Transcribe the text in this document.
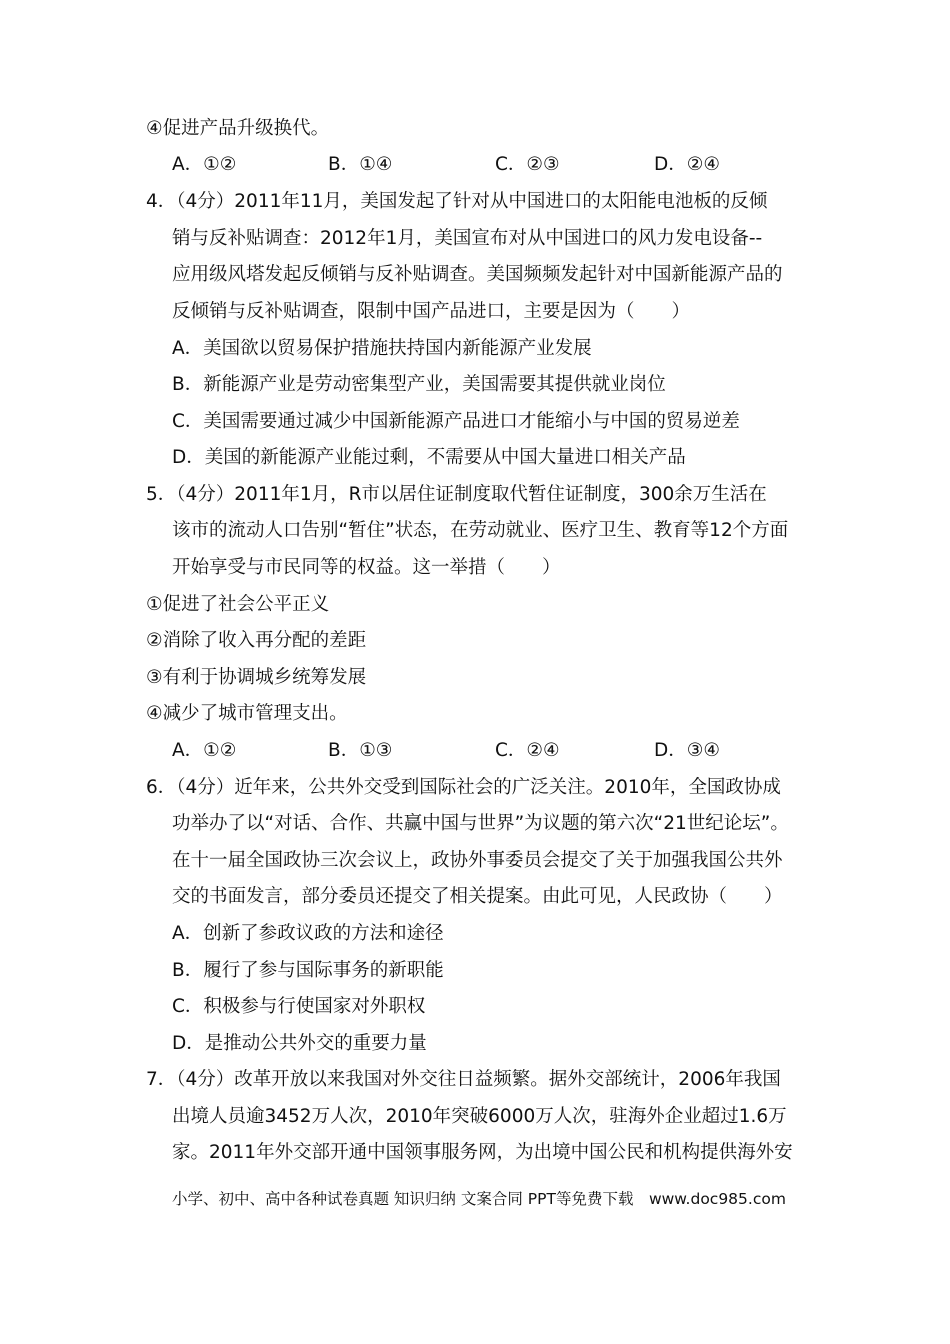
④促进产品升级换代。
A．①②	B．①④	C．②③	D．②④
4．（4分）2011年11月，美国发起了针对从中国进口的太阳能电池板的反倾
销与反补贴调查：2012年1月，美国宣布对从中国进口的风力发电设备‐‐
应用级风塔发起反倾销与反补贴调查。美国频频发起针对中国新能源产品的
反倾销与反补贴调查，限制中国产品进口，主要是因为（　　）
A．美国欲以贸易保护措施扶持国内新能源产业发展
B．新能源产业是劳动密集型产业，美国需要其提供就业岗位
C．美国需要通过减少中国新能源产品进口才能缩小与中国的贸易逆差
D．美国的新能源产业能过剩，不需要从中国大量进口相关产品
5．（4分）2011年1月，R市以居住证制度取代暂住证制度，300余万生活在
该市的流动人口告别“暂住”状态，在劳动就业、医疗卫生、教育等12个方面
开始享受与市民同等的权益。这一举措（　　）
①促进了社会公平正义
②消除了收入再分配的差距
③有利于协调城乡统筹发展
④减少了城市管理支出。
A．①②	B．①③	C．②④	D．③④
6．（4分）近年来，公共外交受到国际社会的广泛关注。2010年，全国政协成
功举办了以“对话、合作、共赢中国与世界”为议题的第六次“21世纪论坛”。
在十一届全国政协三次会议上，政协外事委员会提交了关于加强我国公共外
交的书面发言，部分委员还提交了相关提案。由此可见，人民政协（　　）
A．创新了参政议政的方法和途径
B．履行了参与国际事务的新职能
C．积极参与行使国家对外职权
D．是推动公共外交的重要力量
7．（4分）改革开放以来我国对外交往日益频繁。据外交部统计，2006年我国
出境人员逾3452万人次，2010年突破6000万人次，驻海外企业超过1.6万
家。2011年外交部开通中国领事服务网，为出境中国公民和机构提供海外安
小学、初中、高中各种试卷真题 知识归纳 文案合同 PPT等免费下载　www.doc985.com
